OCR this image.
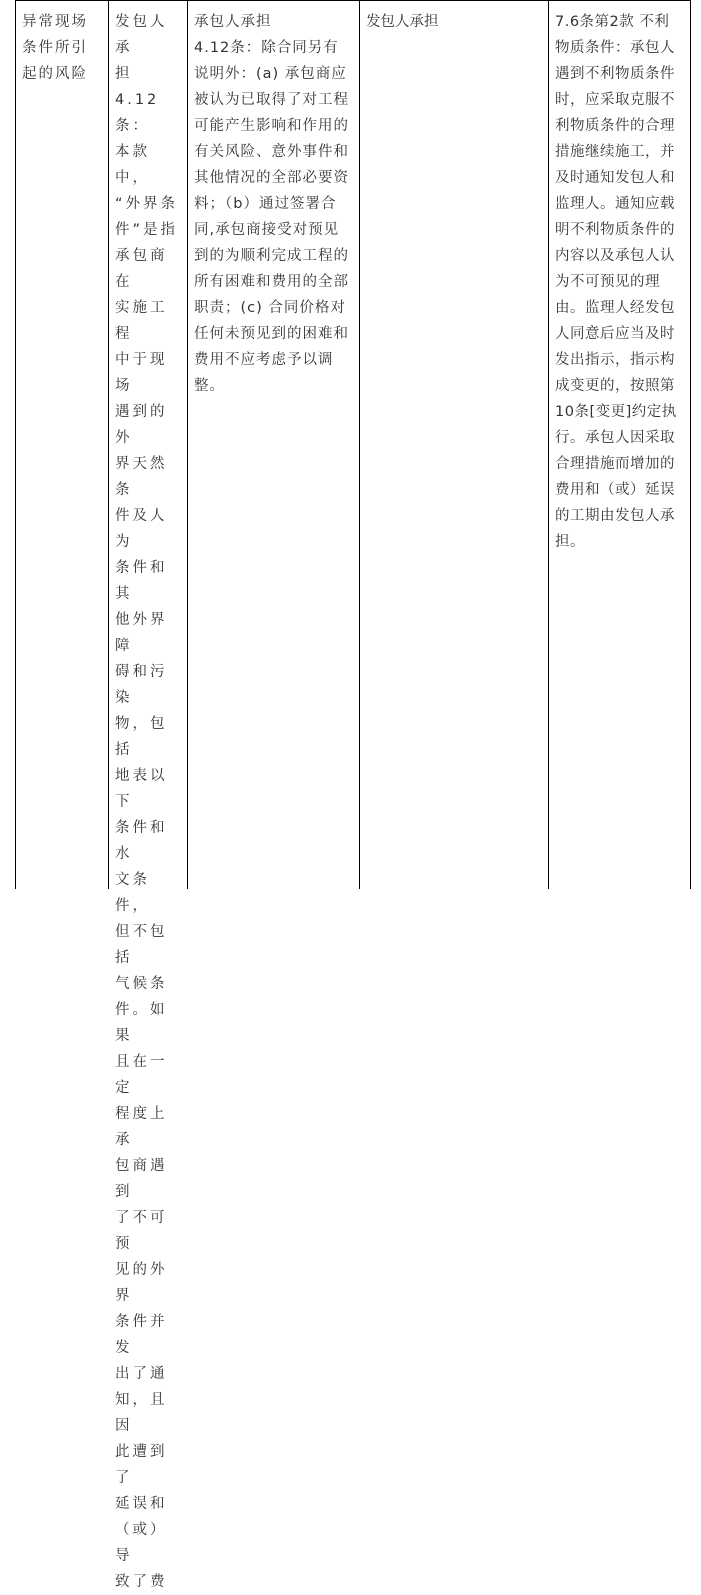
异常现场
条件所引
起的风险
发包人承
担
4.12条：
本款中，
“外界条
件”是指
承包商在
实施工程
中于现场
遇到的外
界天然条
件及人为
条件和其
他外界障
碍和污染
物，包括
地表以下
条件和水
文条件，
但不包括
气候条
件。如果
且在一定
程度上承
包商遇到
了不可预
见的外界
条件并发
出了通
知，且因
此遭到了
延误和
（或）导
致了费
承包人承担
4.12条：除合同另有
说明外：(a) 承包商应
被认为已取得了对工程
可能产生影响和作用的
有关风险、意外事件和
其他情况的全部必要资
料；（b）通过签署合
同,承包商接受对预见
到的为顺利完成工程的
所有困难和费用的全部
职责；(c) 合同价格对
任何未预见到的困难和
费用不应考虑予以调
整。
发包人承担	7.6条第2款 不利
物质条件：承包人
遇到不利物质条件
时，应采取克服不
利物质条件的合理
措施继续施工，并
及时通知发包人和
监理人。通知应载
明不利物质条件的
内容以及承包人认
为不可预见的理
由。监理人经发包
人同意后应当及时
发出指示，指示构
成变更的，按照第
10条[变更]约定执
行。承包人因采取
合理措施而增加的
费用和（或）延误
的工期由发包人承
担。
